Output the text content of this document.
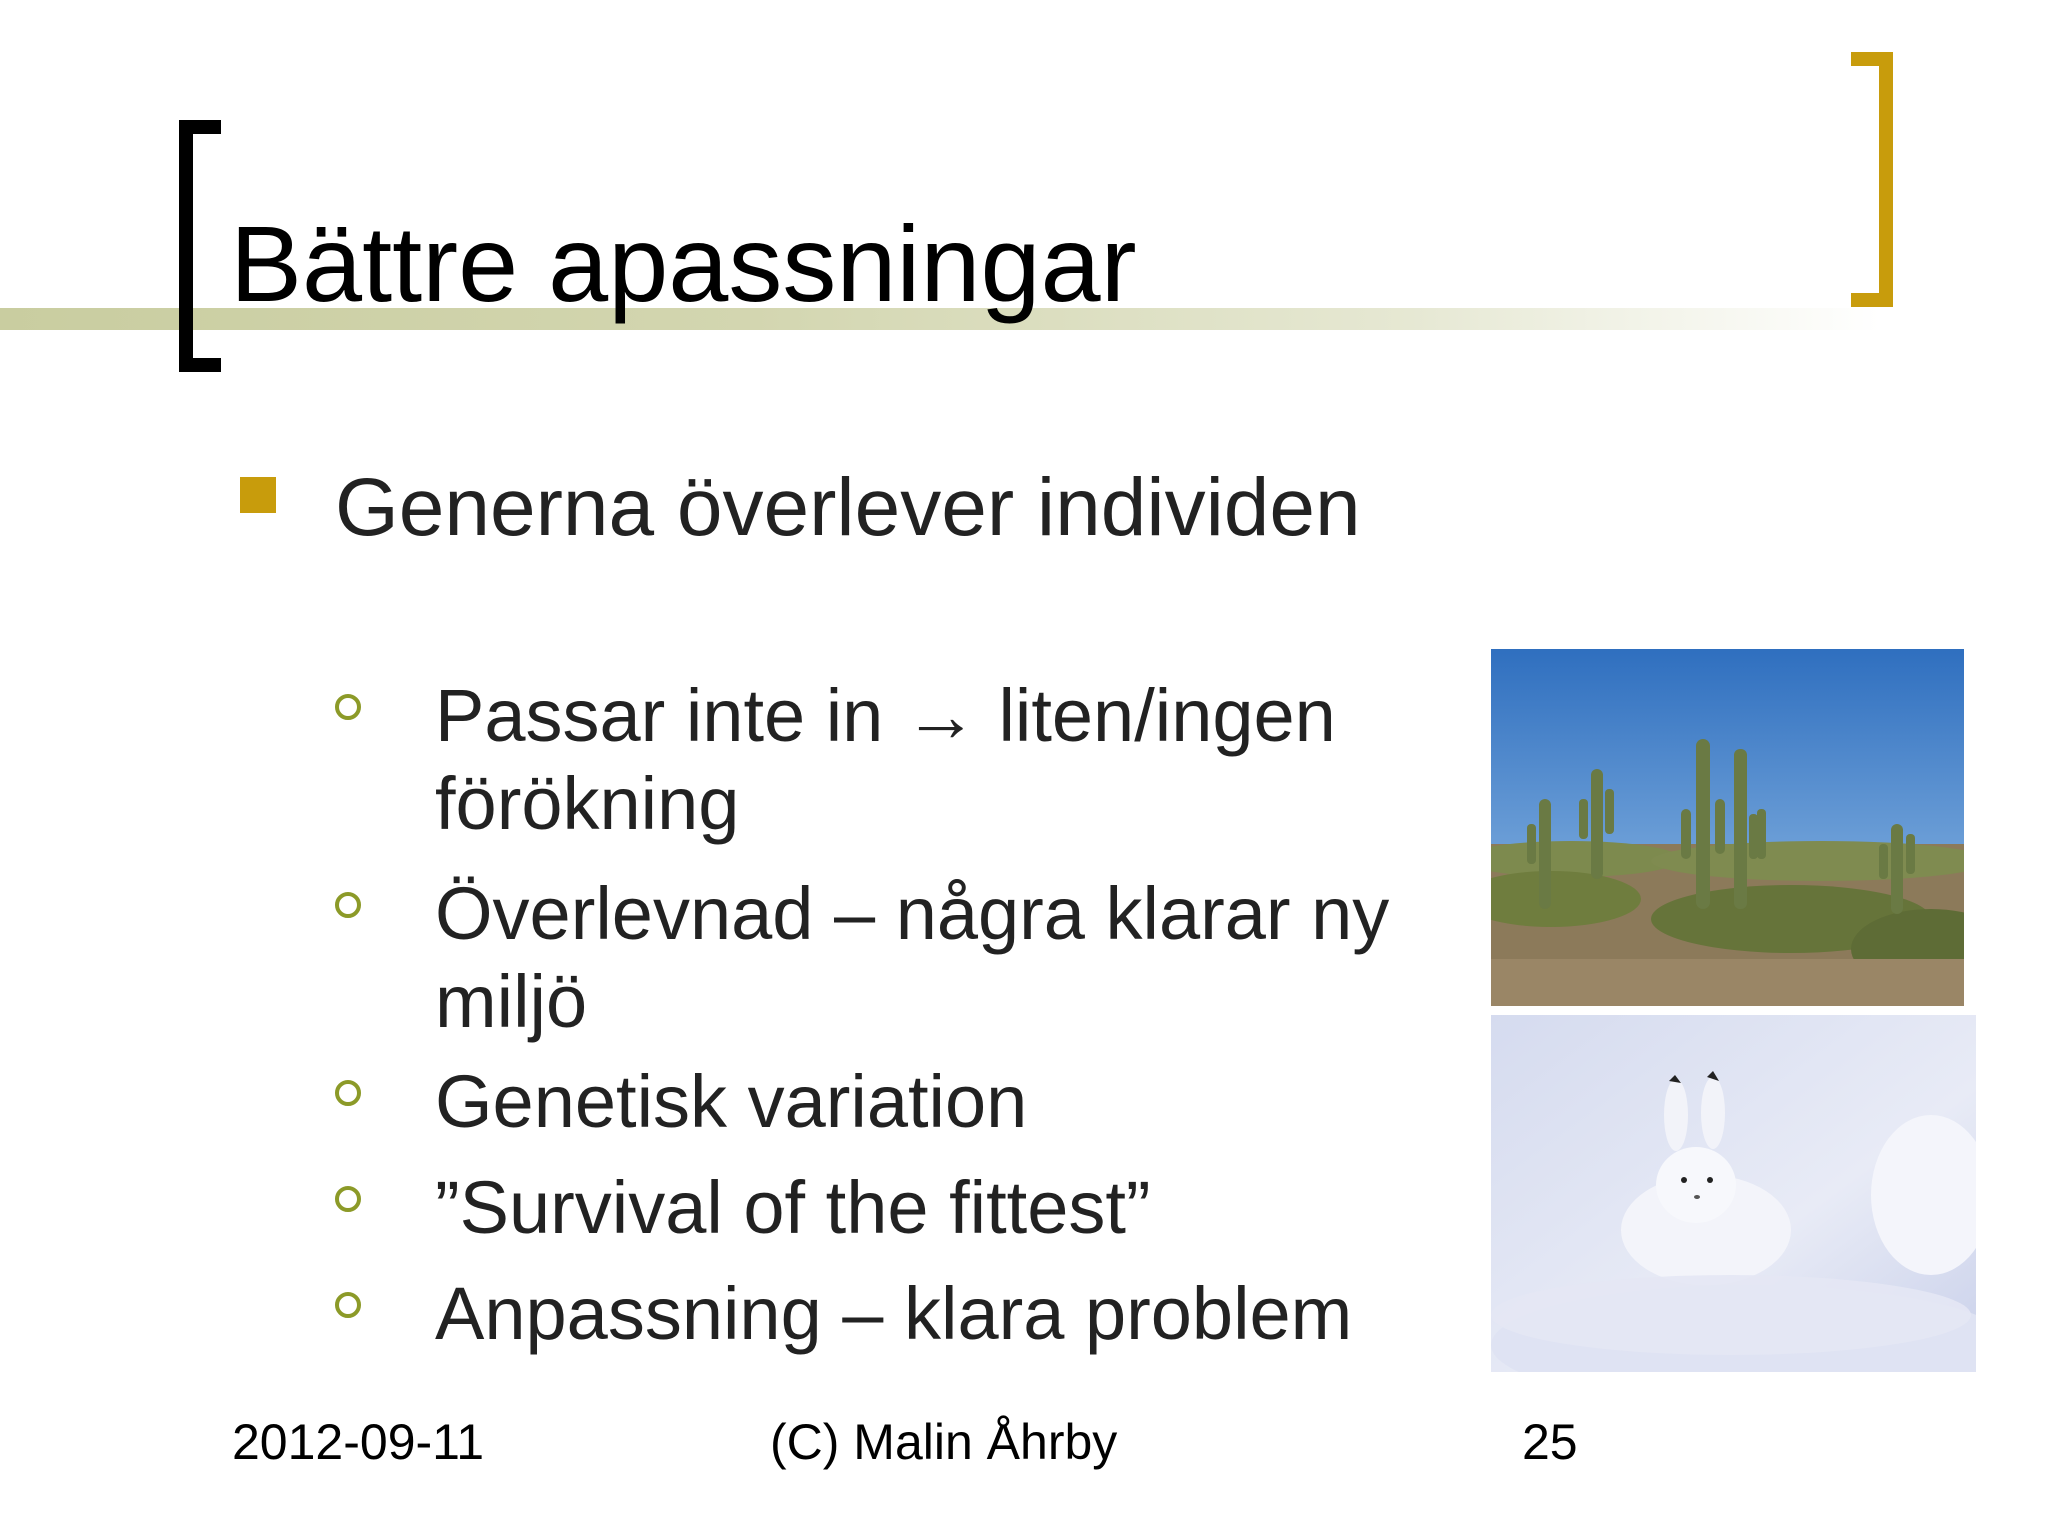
Bättre apassningar
Generna överlever individen
Passar inte in → liten/ingen förökning
Överlevnad – några klarar ny miljö
Genetisk variation
”Survival of the fittest”
Anpassning – klara problem
2012-09-11	(C) Malin Åhrby	25
